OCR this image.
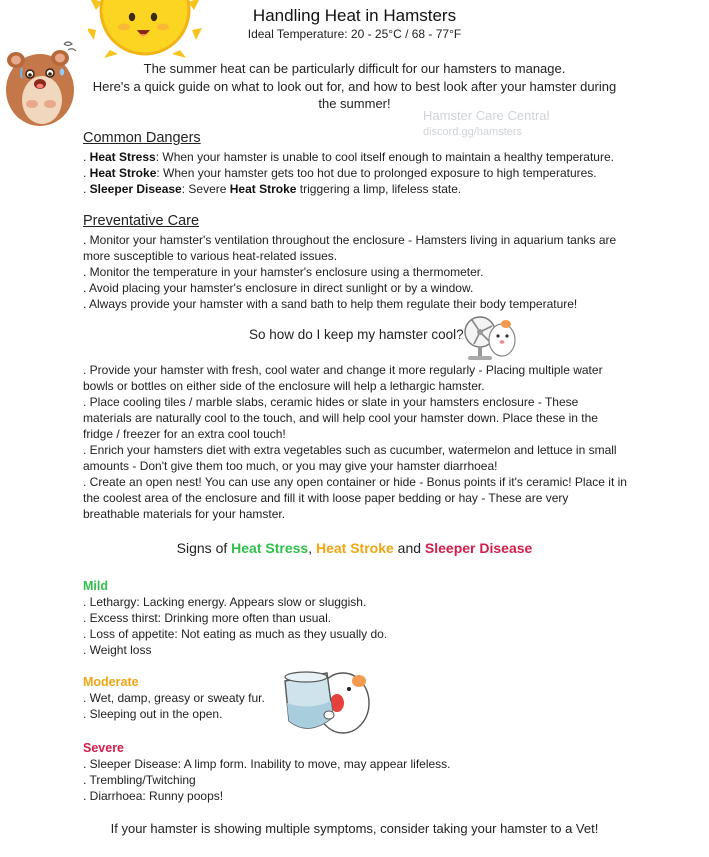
Handling Heat in Hamsters
Ideal Temperature: 20 - 25°C / 68 - 77°F
The summer heat can be particularly difficult for our hamsters to manage.
Here's a quick guide on what to look out for, and how to best look after your hamster during the summer!
Hamster Care Central
discord.gg/hamsters
Common Dangers
. Heat Stress: When your hamster is unable to cool itself enough to maintain a healthy temperature.
. Heat Stroke: When your hamster gets too hot due to prolonged exposure to high temperatures.
. Sleeper Disease: Severe Heat Stroke triggering a limp, lifeless state.
Preventative Care
. Monitor your hamster's ventilation throughout the enclosure - Hamsters living in aquarium tanks are more susceptible to various heat-related issues.
. Monitor the temperature in your hamster's enclosure using a thermometer.
. Avoid placing your hamster's enclosure in direct sunlight or by a window.
. Always provide your hamster with a sand bath to help them regulate their body temperature!
So how do I keep my hamster cool?
. Provide your hamster with fresh, cool water and change it more regularly - Placing multiple water bowls or bottles on either side of the enclosure will help a lethargic hamster.
. Place cooling tiles / marble slabs, ceramic hides or slate in your hamsters enclosure - These materials are naturally cool to the touch, and will help cool your hamster down. Place these in the fridge / freezer for an extra cool touch!
. Enrich your hamsters diet with extra vegetables such as cucumber, watermelon and lettuce in small amounts - Don't give them too much, or you may give your hamster diarrhoea!
. Create an open nest! You can use any open container or hide - Bonus points if it's ceramic! Place it in the coolest area of the enclosure and fill it with loose paper bedding or hay - These are very breathable materials for your hamster.
Signs of Heat Stress, Heat Stroke and Sleeper Disease
Mild
. Lethargy: Lacking energy. Appears slow or sluggish.
. Excess thirst: Drinking more often than usual.
. Loss of appetite: Not eating as much as they usually do.
. Weight loss
Moderate
. Wet, damp, greasy or sweaty fur.
. Sleeping out in the open.
Severe
. Sleeper Disease: A limp form. Inability to move, may appear lifeless.
. Trembling/Twitching
. Diarrhoea: Runny poops!
If your hamster is showing multiple symptoms, consider taking your hamster to a Vet!
